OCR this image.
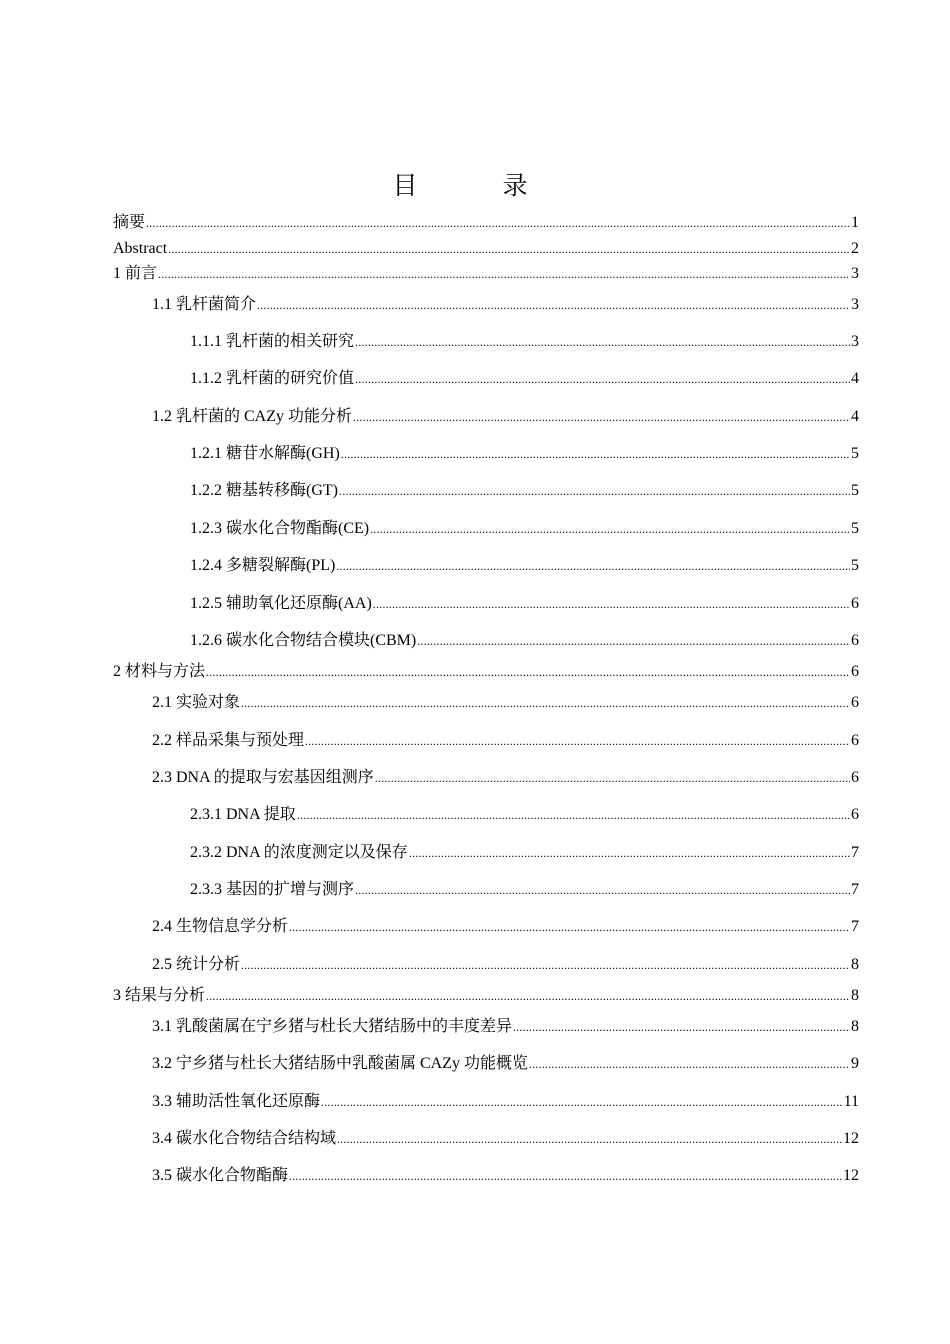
目　录
摘要 .....	1
Abstract .....	2
1 前言 .....	3
1.1 乳杆菌简介 .....	3
1.1.1 乳杆菌的相关研究 .....	3
1.1.2 乳杆菌的研究价值 .....	4
1.2 乳杆菌的 CAZy 功能分析 .....	4
1.2.1 糖苷水解酶(GH) .....	5
1.2.2 糖基转移酶(GT) .....	5
1.2.3 碳水化合物酯酶(CE) .....	5
1.2.4 多糖裂解酶(PL) .....	5
1.2.5 辅助氧化还原酶(AA) .....	6
1.2.6 碳水化合物结合模块(CBM) .....	6
2 材料与方法 .....	6
2.1 实验对象 .....	6
2.2 样品采集与预处理 .....	6
2.3 DNA 的提取与宏基因组测序 .....	6
2.3.1 DNA 提取 .....	6
2.3.2 DNA 的浓度测定以及保存 .....	7
2.3.3 基因的扩增与测序 .....	7
2.4 生物信息学分析 .....	7
2.5 统计分析 .....	8
3 结果与分析 .....	8
3.1 乳酸菌属在宁乡猪与杜长大猪结肠中的丰度差异 .....	8
3.2 宁乡猪与杜长大猪结肠中乳酸菌属 CAZy 功能概览 .....	9
3.3 辅助活性氧化还原酶 .....	11
3.4 碳水化合物结合结构域 .....	12
3.5 碳水化合物酯酶 .....	12
